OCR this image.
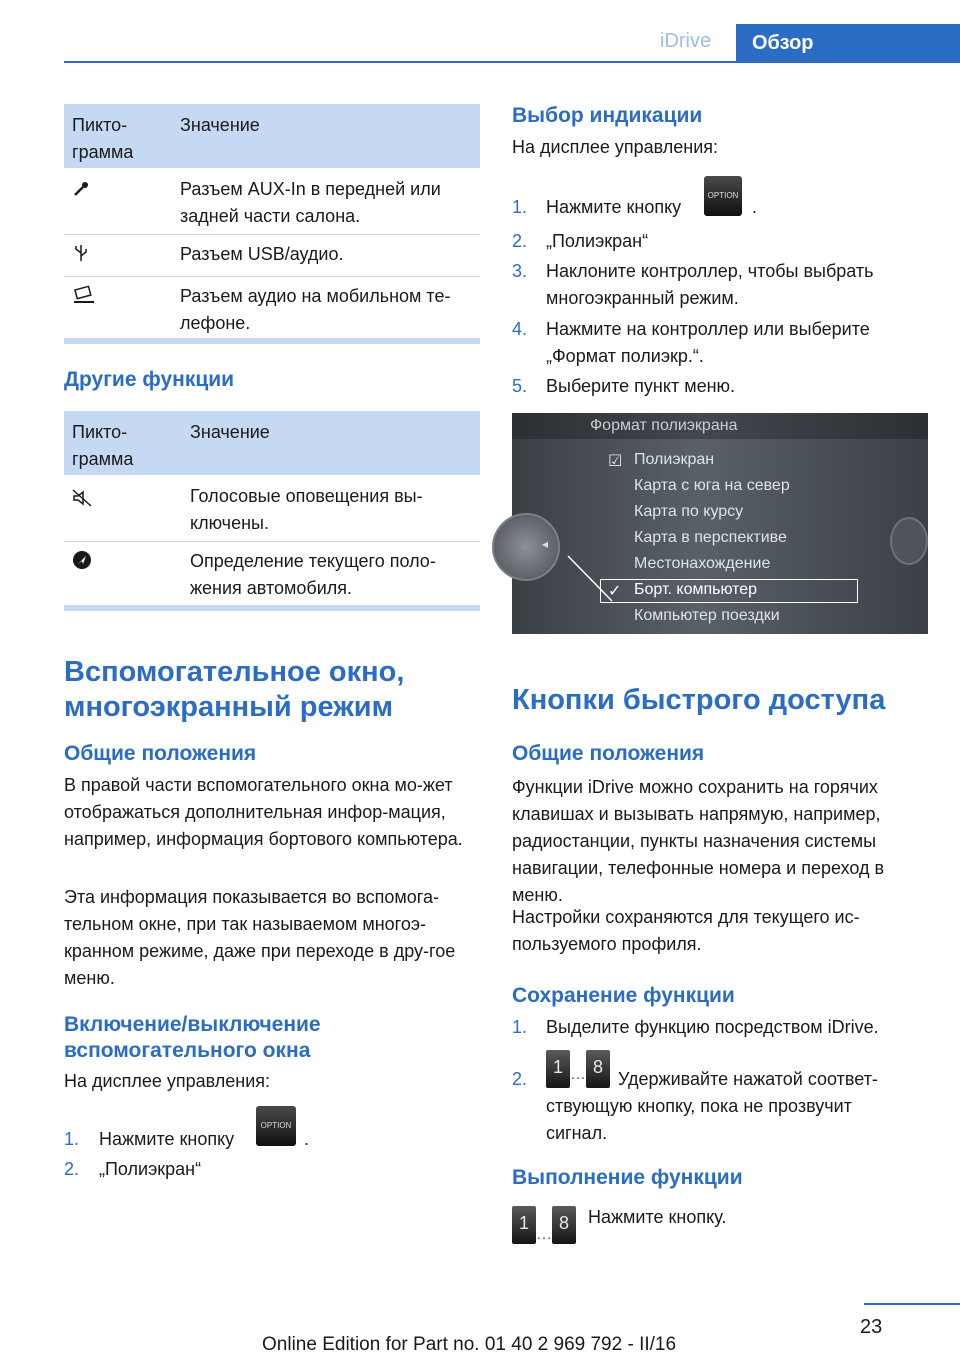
iDrive	Обзор
Пикто-
грамма
Значение
Разъем AUX-In в передней или задней части салона.
Разъем USB/аудио.
Разъем аудио на мобильном те-лефоне.
Другие функции
Пикто-
грамма
Значение
Голосовые оповещения вы-ключены.
Определение текущего поло-жения автомобиля.
Вспомогательное окно, многоэкранный режим
Общие положения
В правой части вспомогательного окна мо-жет отображаться дополнительная инфор-мация, например, информация бортового компьютера.
Эта информация показывается во вспомога-тельном окне, при так называемом многоэ-кранном режиме, даже при переходе в дру-гое меню.
Включение/выключение вспомогательного окна
На дисплее управления:
1. Нажмите кнопку
OPTION
.
2. „Полиэкран“
Выбор индикации
На дисплее управления:
1. Нажмите кнопку
OPTION
.
2. „Полиэкран“
3. Наклоните контроллер, чтобы выбрать многоэкранный режим.
4. Нажмите на контроллер или выберите „Формат полиэкр.“.
5. Выберите пункт меню.
Формат полиэкрана
◂
☑ Полиэкран
Карта с юга на север
Карта по курсу
Карта в перспективе
Местонахождение
✓ Борт. компьютер
Компьютер поездки
Кнопки быстрого доступа
Общие положения
Функции iDrive можно сохранить на горячих клавишах и вызывать напрямую, например, радиостанции, пункты назначения системы навигации, телефонные номера и переход в меню.
Настройки сохраняются для текущего ис-пользуемого профиля.
Сохранение функции
1. Выделите функцию посредством iDrive.
2.
1 … 8
Удерживайте нажатой соответ-ствующую кнопку, пока не прозвучит сигнал.
Выполнение функции
1…8	Нажмите кнопку.
23
Online Edition for Part no. 01 40 2 969 792 - II/16
